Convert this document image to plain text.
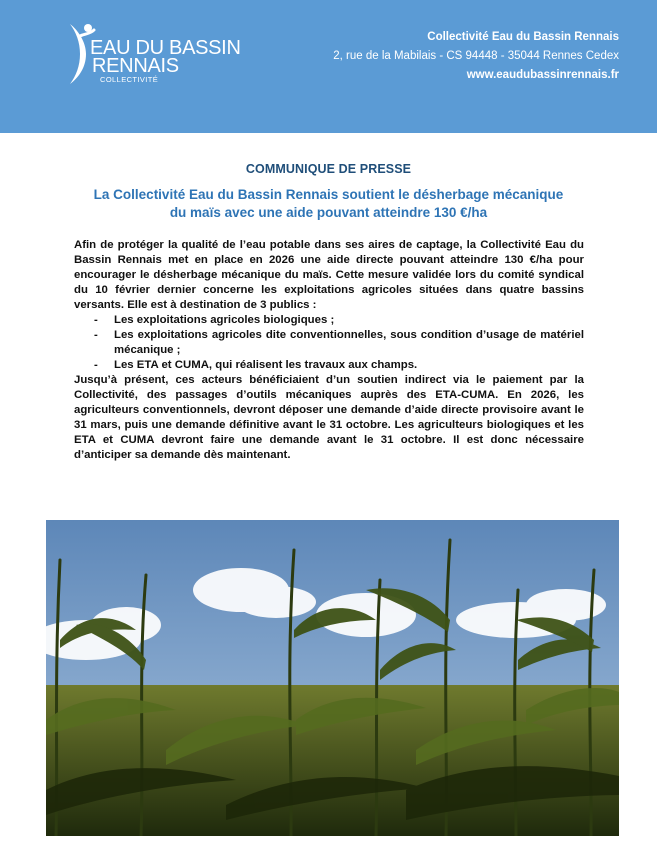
EAU DU BASSIN
RENNAIS
COLLECTIVITÉ
Collectivité Eau du Bassin Rennais
2, rue de la Mabilais - CS 94448 - 35044 Rennes Cedex
www.eaudubassinrennais.fr
COMMUNIQUE DE PRESSE
La Collectivité Eau du Bassin Rennais soutient le désherbage mécanique
du maïs avec une aide pouvant atteindre 130 €/ha

Afin de protéger la qualité de l’eau potable dans ses aires de captage, la Collectivité Eau du Bassin Rennais met en place en 2026 une aide directe pouvant atteindre 130 €/ha pour encourager le désherbage mécanique du maïs. Cette mesure validée lors du comité syndical du 10 février dernier concerne les exploitations agricoles situées dans quatre bassins versants. Elle est à destination de 3 publics :

- Les exploitations agricoles biologiques ;
- Les exploitations agricoles dite conventionnelles, sous condition d’usage de matériel mécanique ;
- Les ETA et CUMA, qui réalisent les travaux aux champs.

Jusqu’à présent, ces acteurs bénéficiaient d’un soutien indirect via le paiement par la Collectivité, des passages d’outils mécaniques auprès des ETA-CUMA. En 2026, les agriculteurs conventionnels, devront déposer une demande d’aide directe provisoire avant le 31 mars, puis une demande définitive avant le 31 octobre. Les agriculteurs biologiques et les ETA et CUMA devront faire une demande avant le 31 octobre. Il est donc nécessaire d’anticiper sa demande dès maintenant.
